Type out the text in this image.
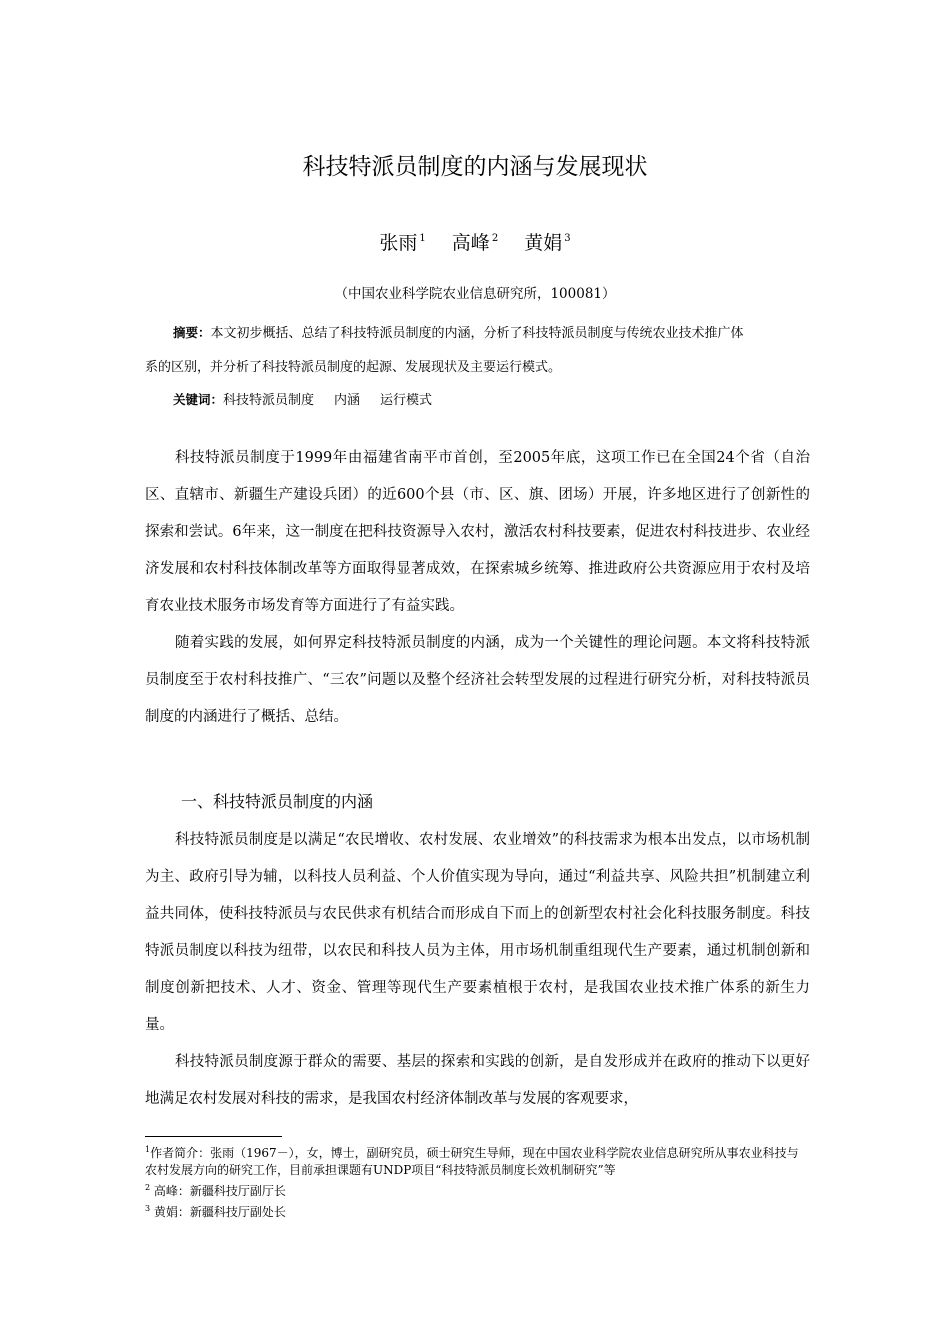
科技特派员制度的内涵与发展现状
张雨 $^1$ 高峰 $^2$ 黄娟 $^3$
（中国农业科学院农业信息研究所，100081）
摘要：本文初步概括、总结了科技特派员制度的内涵，分析了科技特派员制度与传统农业技术推广体
系的区别，并分析了科技特派员制度的起源、发展现状及主要运行模式。
关键词：科技特派员制度 内涵 运行模式

科技特派员制度于1999年由福建省南平市首创，至2005年底，这项工作已在全国24个省（自治区、直辖市、新疆生产建设兵团）的近600个县（市、区、旗、团场）开展，许多地区进行了创新性的探索和尝试。6年来，这一制度在把科技资源导入农村，激活农村科技要素，促进农村科技进步、农业经济发展和农村科技体制改革等方面取得显著成效，在探索城乡统筹、推进政府公共资源应用于农村及培育农业技术服务市场发育等方面进行了有益实践。

随着实践的发展，如何界定科技特派员制度的内涵，成为一个关键性的理论问题。本文将科技特派员制度至于农村科技推广、“三农”问题以及整个经济社会转型发展的过程进行研究分析，对科技特派员制度的内涵进行了概括、总结。

一、科技特派员制度的内涵

科技特派员制度是以满足“农民增收、农村发展、农业增效”的科技需求为根本出发点，以市场机制为主、政府引导为辅，以科技人员利益、个人价值实现为导向，通过“利益共享、风险共担”机制建立利益共同体，使科技特派员与农民供求有机结合而形成自下而上的创新型农村社会化科技服务制度。科技特派员制度以科技为纽带，以农民和科技人员为主体，用市场机制重组现代生产要素，通过机制创新和制度创新把技术、人才、资金、管理等现代生产要素植根于农村，是我国农业技术推广体系的新生力量。

科技特派员制度源于群众的需要、基层的探索和实践的创新，是自发形成并在政府的推动下以更好地满足农村发展对科技的需求，是我国农村经济体制改革与发展的客观要求，

$^1$作者简介：张雨（1967－），女，博士，副研究员，硕士研究生导师，现在中国农业科学院农业信息研究所从事农业科技与农村发展方向的研究工作，目前承担课题有UNDP项目“科技特派员制度长效机制研究”等

$^2$ 高峰：新疆科技厅副厅长

$^3$ 黄娟：新疆科技厅副处长
